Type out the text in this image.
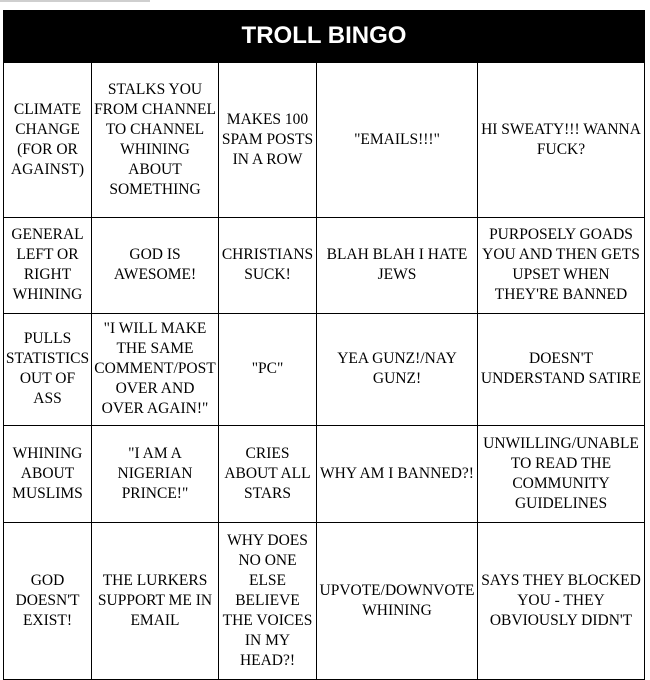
TROLL BINGO
CLIMATE CHANGE (FOR OR AGAINST)	STALKS YOU FROM CHANNEL TO CHANNEL WHINING ABOUT SOMETHING	MAKES 100 SPAM POSTS IN A ROW	"EMAILS!!!"	HI SWEATY!!! WANNA FUCK?
GENERAL LEFT OR RIGHT WHINING	GOD IS AWESOME!	CHRISTIANS SUCK!	BLAH BLAH I HATE JEWS	PURPOSELY GOADS YOU AND THEN GETS UPSET WHEN THEY'RE BANNED
PULLS STATISTICS OUT OF ASS	"I WILL MAKE THE SAME COMMENT/POST OVER AND OVER AGAIN!"	"PC"	YEA GUNZ!/NAY GUNZ!	DOESN'T UNDERSTAND SATIRE
WHINING ABOUT MUSLIMS	"I AM A NIGERIAN PRINCE!"	CRIES ABOUT ALL STARS	WHY AM I BANNED?!	UNWILLING/UNABLE TO READ THE COMMUNITY GUIDELINES
GOD DOESN'T EXIST!	THE LURKERS SUPPORT ME IN EMAIL	WHY DOES NO ONE ELSE BELIEVE THE VOICES IN MY HEAD?!	UPVOTE/DOWNVOTE WHINING	SAYS THEY BLOCKED YOU - THEY OBVIOUSLY DIDN'T
